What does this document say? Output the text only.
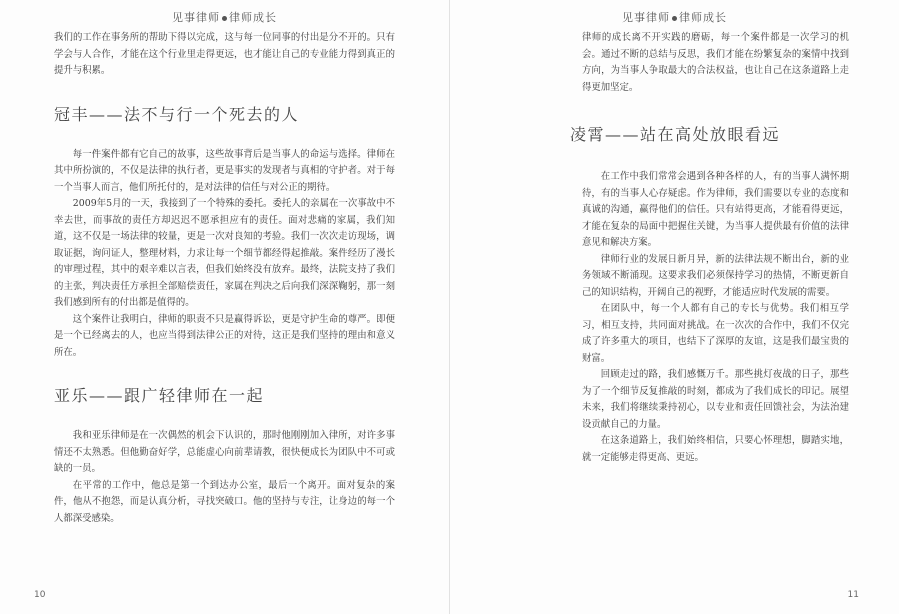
见事律师 律师成长

我们的工作在事务所的帮助下得以完成，这与每一位同事的付出是分不开的。只有学会与人合作，才能在这个行业里走得更远，也才能让自己的专业能力得到真正的提升与积累。

冠丰——法不与行一个死去的人

每一件案件都有它自己的故事，这些故事背后是当事人的命运与选择。律师在其中所扮演的，不仅是法律的执行者，更是事实的发现者与真相的守护者。对于每一个当事人而言，他们所托付的，是对法律的信任与对公正的期待。

2009年5月的一天，我接到了一个特殊的委托。委托人的亲属在一次事故中不幸去世，而事故的责任方却迟迟不愿承担应有的责任。面对悲痛的家属，我们知道，这不仅是一场法律的较量，更是一次对良知的考验。我们一次次走访现场，调取证据，询问证人，整理材料，力求让每一个细节都经得起推敲。案件经历了漫长的审理过程，其中的艰辛难以言表，但我们始终没有放弃。最终，法院支持了我们的主张，判决责任方承担全部赔偿责任，家属在判决之后向我们深深鞠躬，那一刻我们感到所有的付出都是值得的。

这个案件让我明白，律师的职责不只是赢得诉讼，更是守护生命的尊严。即便是一个已经离去的人，也应当得到法律公正的对待，这正是我们坚持的理由和意义所在。

亚乐——跟广轻律师在一起

我和亚乐律师是在一次偶然的机会下认识的，那时他刚刚加入律所，对许多事情还不太熟悉。但他勤奋好学，总能虚心向前辈请教，很快便成长为团队中不可或缺的一员。

在平常的工作中，他总是第一个到达办公室，最后一个离开。面对复杂的案件，他从不抱怨，而是认真分析，寻找突破口。他的坚持与专注，让身边的每一个人都深受感染。

10
见事律师 律师成长

律师的成长离不开实践的磨砺，每一个案件都是一次学习的机会。通过不断的总结与反思，我们才能在纷繁复杂的案情中找到方向，为当事人争取最大的合法权益，也让自己在这条道路上走得更加坚定。

凌霄——站在高处放眼看远

在工作中我们常常会遇到各种各样的人，有的当事人满怀期待，有的当事人心存疑虑。作为律师，我们需要以专业的态度和真诚的沟通，赢得他们的信任。只有站得更高，才能看得更远，才能在复杂的局面中把握住关键，为当事人提供最有价值的法律意见和解决方案。

律师行业的发展日新月异，新的法律法规不断出台，新的业务领域不断涌现。这要求我们必须保持学习的热情，不断更新自己的知识结构，开阔自己的视野，才能适应时代发展的需要。

在团队中，每一个人都有自己的专长与优势。我们相互学习，相互支持，共同面对挑战。在一次次的合作中，我们不仅完成了许多重大的项目，也结下了深厚的友谊，这是我们最宝贵的财富。

回顾走过的路，我们感慨万千。那些挑灯夜战的日子，那些为了一个细节反复推敲的时刻，都成为了我们成长的印记。展望未来，我们将继续秉持初心，以专业和责任回馈社会，为法治建设贡献自己的力量。

在这条道路上，我们始终相信，只要心怀理想，脚踏实地，就一定能够走得更高、更远。

11
